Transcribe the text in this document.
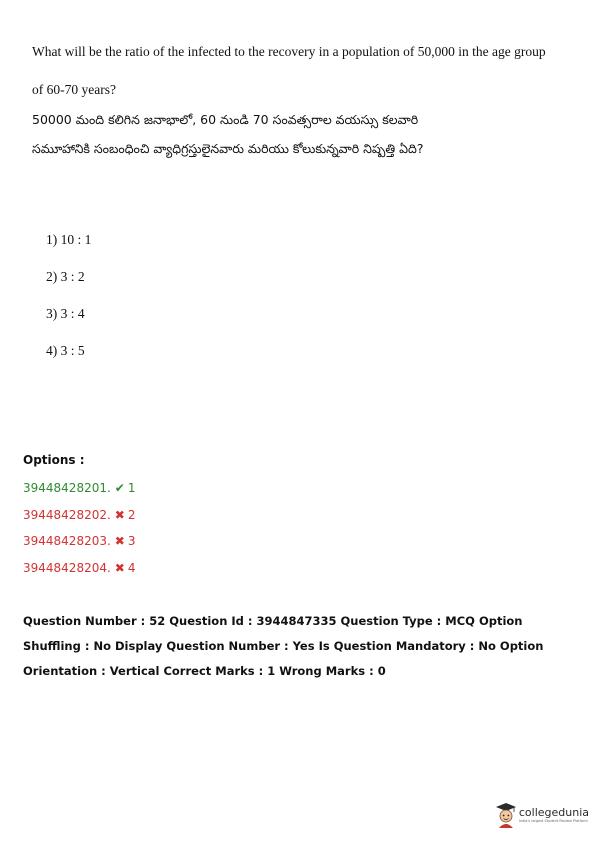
What will be the ratio of the infected to the recovery in a population of 50,000 in the age group of 60-70 years?
50000 మంది కలిగిన జనాభాలో, 60 నుండి 70 సంవత్సరాల వయస్సు కలవారి సమూహానికి సంబంధించి వ్యాధిగ్రస్తులైనవారు మరియు కోలుకున్నవారి నిష్పత్తి ఏది?
1) 10 : 1
2) 3 : 2
3) 3 : 4
4) 3 : 5
Options :
39448428201. ✔ 1
39448428202. ✖ 2
39448428203. ✖ 3
39448428204. ✖ 4
Question Number : 52 Question Id : 3944847335 Question Type : MCQ Option Shuffling : No Display Question Number : Yes Is Question Mandatory : No Option Orientation : Vertical Correct Marks : 1 Wrong Marks : 0
collegedunia
India's largest Student Review Platform
